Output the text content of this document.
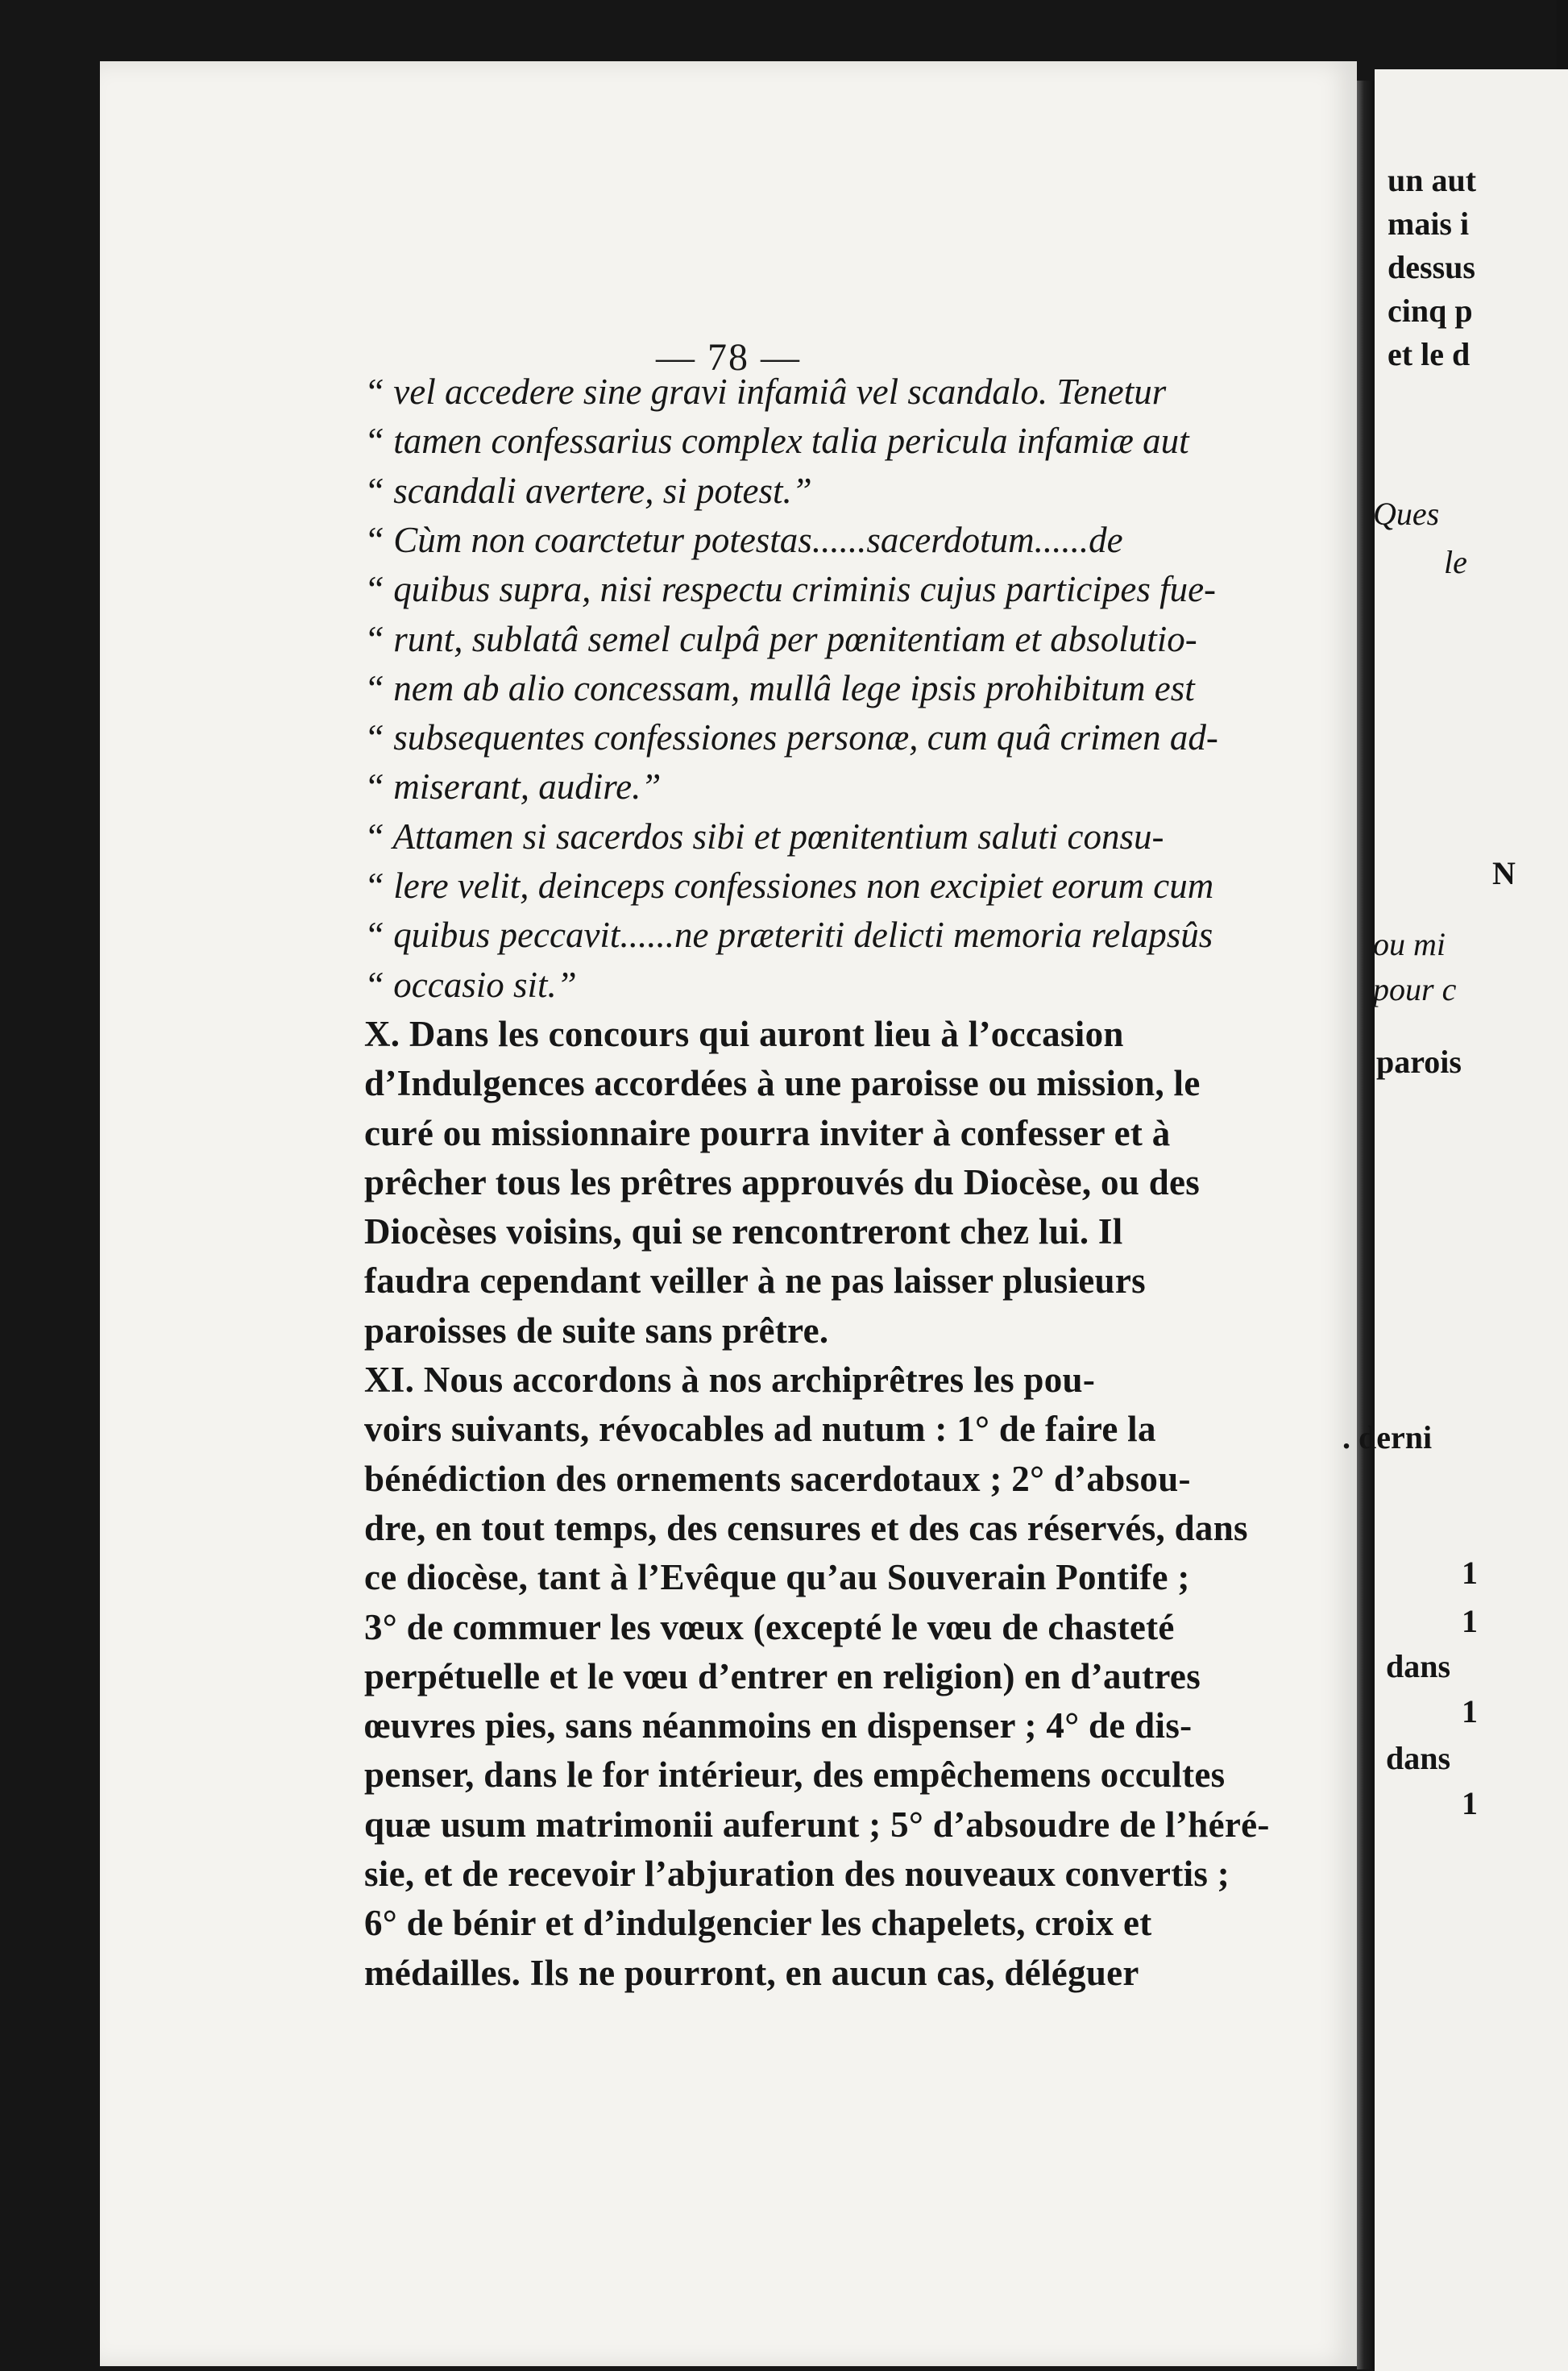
— 78 —
un aut
mais i
dessus
cinq p
et le d
Ques
le
N
ou mi
pour c
parois
. derni
1
1
dans
1
dans
1
“ vel accedere sine gravi infamiâ vel scandalo. Tenetur
“ tamen confessarius complex talia pericula infamiæ aut
“ scandali avertere, si potest.”
“ Cùm non coarctetur potestas......sacerdotum......de
“ quibus supra, nisi respectu criminis cujus participes fue-
“ runt, sublatâ semel culpâ per pœnitentiam et absolutio-
“ nem ab alio concessam, mullâ lege ipsis prohibitum est
“ subsequentes confessiones personæ, cum quâ crimen ad-
“ miserant, audire.”
“ Attamen si sacerdos sibi et pœnitentium saluti consu-
“ lere velit, deinceps confessiones non excipiet eorum cum
“ quibus peccavit......ne præteriti delicti memoria relapsûs
“ occasio sit.”
X. Dans les concours qui auront lieu à l’occasion
d’Indulgences accordées à une paroisse ou mission, le
curé ou missionnaire pourra inviter à confesser et à
prêcher tous les prêtres approuvés du Diocèse, ou des
Diocèses voisins, qui se rencontreront chez lui. Il
faudra cependant veiller à ne pas laisser plusieurs
paroisses de suite sans prêtre.
XI. Nous accordons à nos archiprêtres les pou-
voirs suivants, révocables ad nutum : 1° de faire la
bénédiction des ornements sacerdotaux ; 2° d’absou-
dre, en tout temps, des censures et des cas réservés, dans
ce diocèse, tant à l’Evêque qu’au Souverain Pontife ;
3° de commuer les vœux (excepté le vœu de chasteté
perpétuelle et le vœu d’entrer en religion) en d’autres
œuvres pies, sans néanmoins en dispenser ; 4° de dis-
penser, dans le for intérieur, des empêchemens occultes
quæ usum matrimonii auferunt ; 5° d’absoudre de l’héré-
sie, et de recevoir l’abjuration des nouveaux convertis ;
6° de bénir et d’indulgencier les chapelets, croix et
médailles. Ils ne pourront, en aucun cas, déléguer
